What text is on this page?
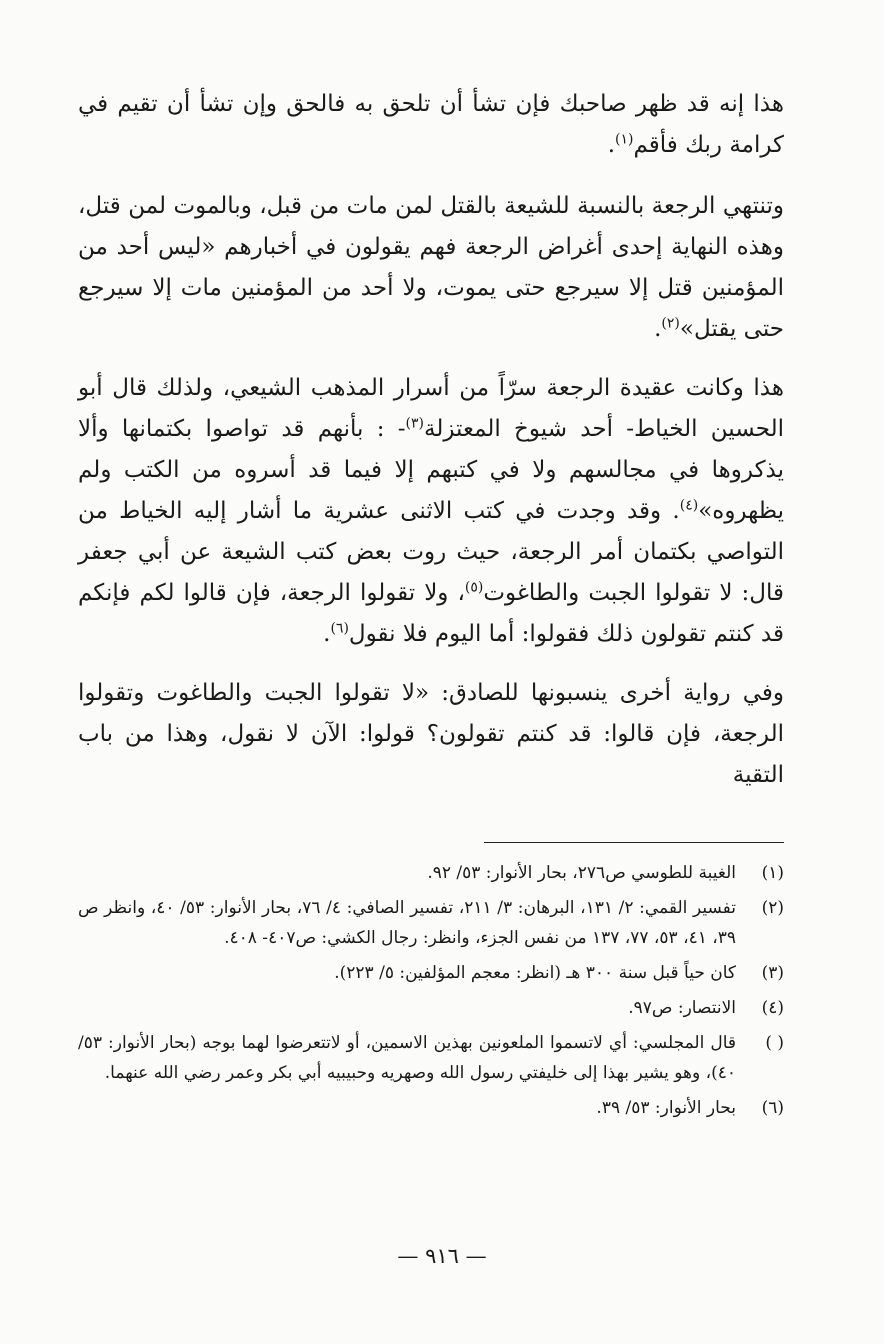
هذا إنه قد ظهر صاحبك فإن تشأ أن تلحق به فالحق وإن تشأ أن تقيم في كرامة ربك فأقم$^{(١)}$.

وتنتهي الرجعة بالنسبة للشيعة بالقتل لمن مات من قبل، وبالموت لمن قتل، وهذه النهاية إحدى أغراض الرجعة فهم يقولون في أخبارهم «ليس أحد من المؤمنين قتل إلا سيرجع حتى يموت، ولا أحد من المؤمنين مات إلا سيرجع حتى يقتل»$^{(٢)}$.

هذا وكانت عقيدة الرجعة سرّاً من أسرار المذهب الشيعي، ولذلك قال أبو الحسين الخياط- أحد شيوخ المعتزلة$^{(٣)}$- : بأنهم قد تواصوا بكتمانها وألا يذكروها في مجالسهم ولا في كتبهم إلا فيما قد أسروه من الكتب ولم يظهروه»$^{(٤)}$. وقد وجدت في كتب الاثنى عشرية ما أشار إليه الخياط من التواصي بكتمان أمر الرجعة، حيث روت بعض كتب الشيعة عن أبي جعفر قال: لا تقولوا الجبت والطاغوت$^{(٥)}$، ولا تقولوا الرجعة، فإن قالوا لكم فإنكم قد كنتم تقولون ذلك فقولوا: أما اليوم فلا نقول$^{(٦)}$.

وفي رواية أخرى ينسبونها للصادق: «لا تقولوا الجبت والطاغوت وتقولوا الرجعة، فإن قالوا: قد كنتم تقولون؟ قولوا: الآن لا نقول، وهذا من باب التقية

(١)
الغيبة للطوسي ص٢٧٦، بحار الأنوار: ٥٣/ ٩٢.
(٢)
تفسير القمي: ٢/ ١٣١، البرهان: ٣/ ٢١١، تفسير الصافي: ٤/ ٧٦، بحار الأنوار: ٥٣/ ٤٠، وانظر ص ٣٩، ٤١، ٥٣، ٧٧، ١٣٧ من نفس الجزء، وانظر: رجال الكشي: ص٤٠٧- ٤٠٨.
(٣)
كان حياً قبل سنة ٣٠٠ هـ (انظر: معجم المؤلفين: ٥/ ٢٢٣).
(٤)
الانتصار: ص٩٧.
( )
قال المجلسي: أي لاتسموا الملعونين بهذين الاسمين، أو لاتتعرضوا لهما بوجه (بحار الأنوار: ٥٣/ ٤٠)، وهو يشير بهذا إلى خليفتي رسول الله وصهريه وحبيبيه أبي بكر وعمر رضي الله عنهما.
(٦)
بحار الأنوار: ٥٣/ ٣٩.
— ٩١٦ —
